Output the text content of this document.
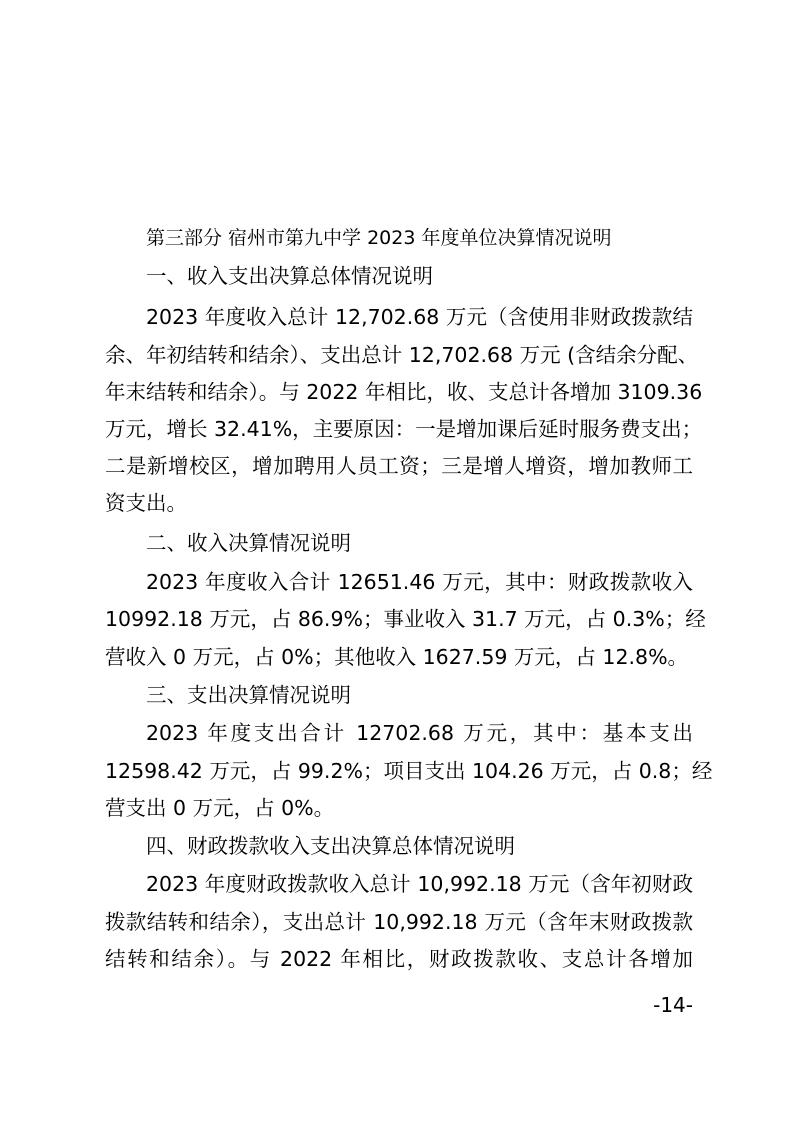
第三部分 宿州市第九中学 2023 年度单位决算情况说明
一、收入支出决算总体情况说明
2023 年度收入总计 12,702.68 万元（含使用非财政拨款结
余、年初结转和结余）、支出总计 12,702.68 万元 (含结余分配、
年末结转和结余）。与 2022 年相比，收、支总计各增加 3109.36
万元，增长 32.41%，主要原因：一是增加课后延时服务费支出；
二是新增校区，增加聘用人员工资；三是增人增资，增加教师工
资支出。
二、收入决算情况说明
2023 年度收入合计 12651.46 万元，其中：财政拨款收入
10992.18 万元，占 86.9%；事业收入 31.7 万元，占 0.3%；经
营收入 0 万元，占 0%；其他收入 1627.59 万元，占 12.8%。
三、支出决算情况说明
2023 年度支出合计 12702.68 万元，其中：基本支出
12598.42 万元，占 99.2%；项目支出 104.26 万元，占 0.8；经
营支出 0 万元，占 0%。
四、财政拨款收入支出决算总体情况说明
2023 年度财政拨款收入总计 10,992.18 万元（含年初财政
拨款结转和结余），支出总计 10,992.18 万元（含年末财政拨款
结转和结余）。与 2022 年相比，财政拨款收、支总计各增加
-14-
